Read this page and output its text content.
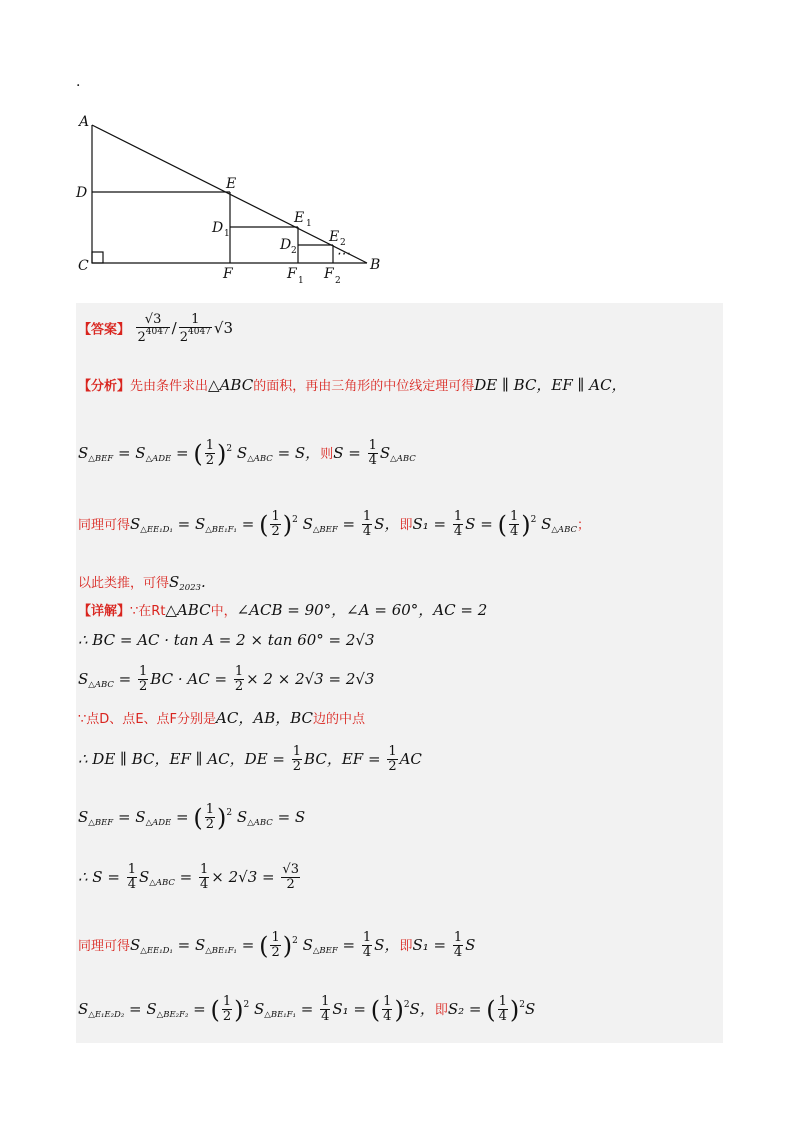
·
A
D
C
E
F
D 1
E 1
F 1
D 2
E 2
⋯
F 2
B
【答案】 $\frac{√3}{2^{4047}} / \frac{1}{2^{4047}} √3$
【分析】先由条件求出△ABC的面积，再由三角形的中位线定理可得DE ∥ BC，EF ∥ AC，
$S_{\triangle BEF} = S_{\triangle ADE}$ = ( $\frac{1}{2} )^2$ $S_{\triangle ABC} = S$，则$S = \frac{1}{4} S_{\triangle ABC}$
同理可得$S_{\triangle EE_1D_1} = S_{\triangle BE_1F_1}$ = ( $\frac{1}{2} )^2$ $S_{\triangle BEF} = \frac{1}{4}$ S，即$S_1 = \frac{1}{4}$ S = ( $\frac{1}{4} )^2$ $S_{\triangle ABC}$；
以此类推，可得$S_{2023}$.
【详解】∵在Rt△ABC中，∠ACB = 90°，∠A = 60°，AC = 2
∴ BC = AC · tan A = 2 × tan 60° = 2√3
$S_{\triangle ABC} = \frac{1}{2}$ BC · AC = $\frac{1}{2} \times 2 \times 2√3 = 2√3$
∵点D、点E、点F分别是AC，AB，BC边的中点
∴ DE ∥ BC，EF ∥ AC，DE = $\frac{1}{2}$ BC，EF = $\frac{1}{2}$ AC
$S_{\triangle BEF} = S_{\triangle ADE}$ = ( $\frac{1}{2} )^2$ $S_{\triangle ABC} = S$
∴ $S = \frac{1}{4} S_{\triangle ABC} = \frac{1}{4} \times 2√3 = \frac{√3}{2}$
同理可得$S_{\triangle EE_1D_1} = S_{\triangle BE_1F_1}$ = ( $\frac{1}{2} )^2$ $S_{\triangle BEF} = \frac{1}{4}$ S，即$S_1 = \frac{1}{4}$ S
$S_{\triangle E_1E_2D_2} = S_{\triangle BE_2F_2}$ = ( $\frac{1}{2} )^2$ $S_{\triangle BE_1F_1} = \frac{1}{4} S_1$ = ( $\frac{1}{4} )^2S$，即S₂ = ( $\frac{1}{4} )^2S$
